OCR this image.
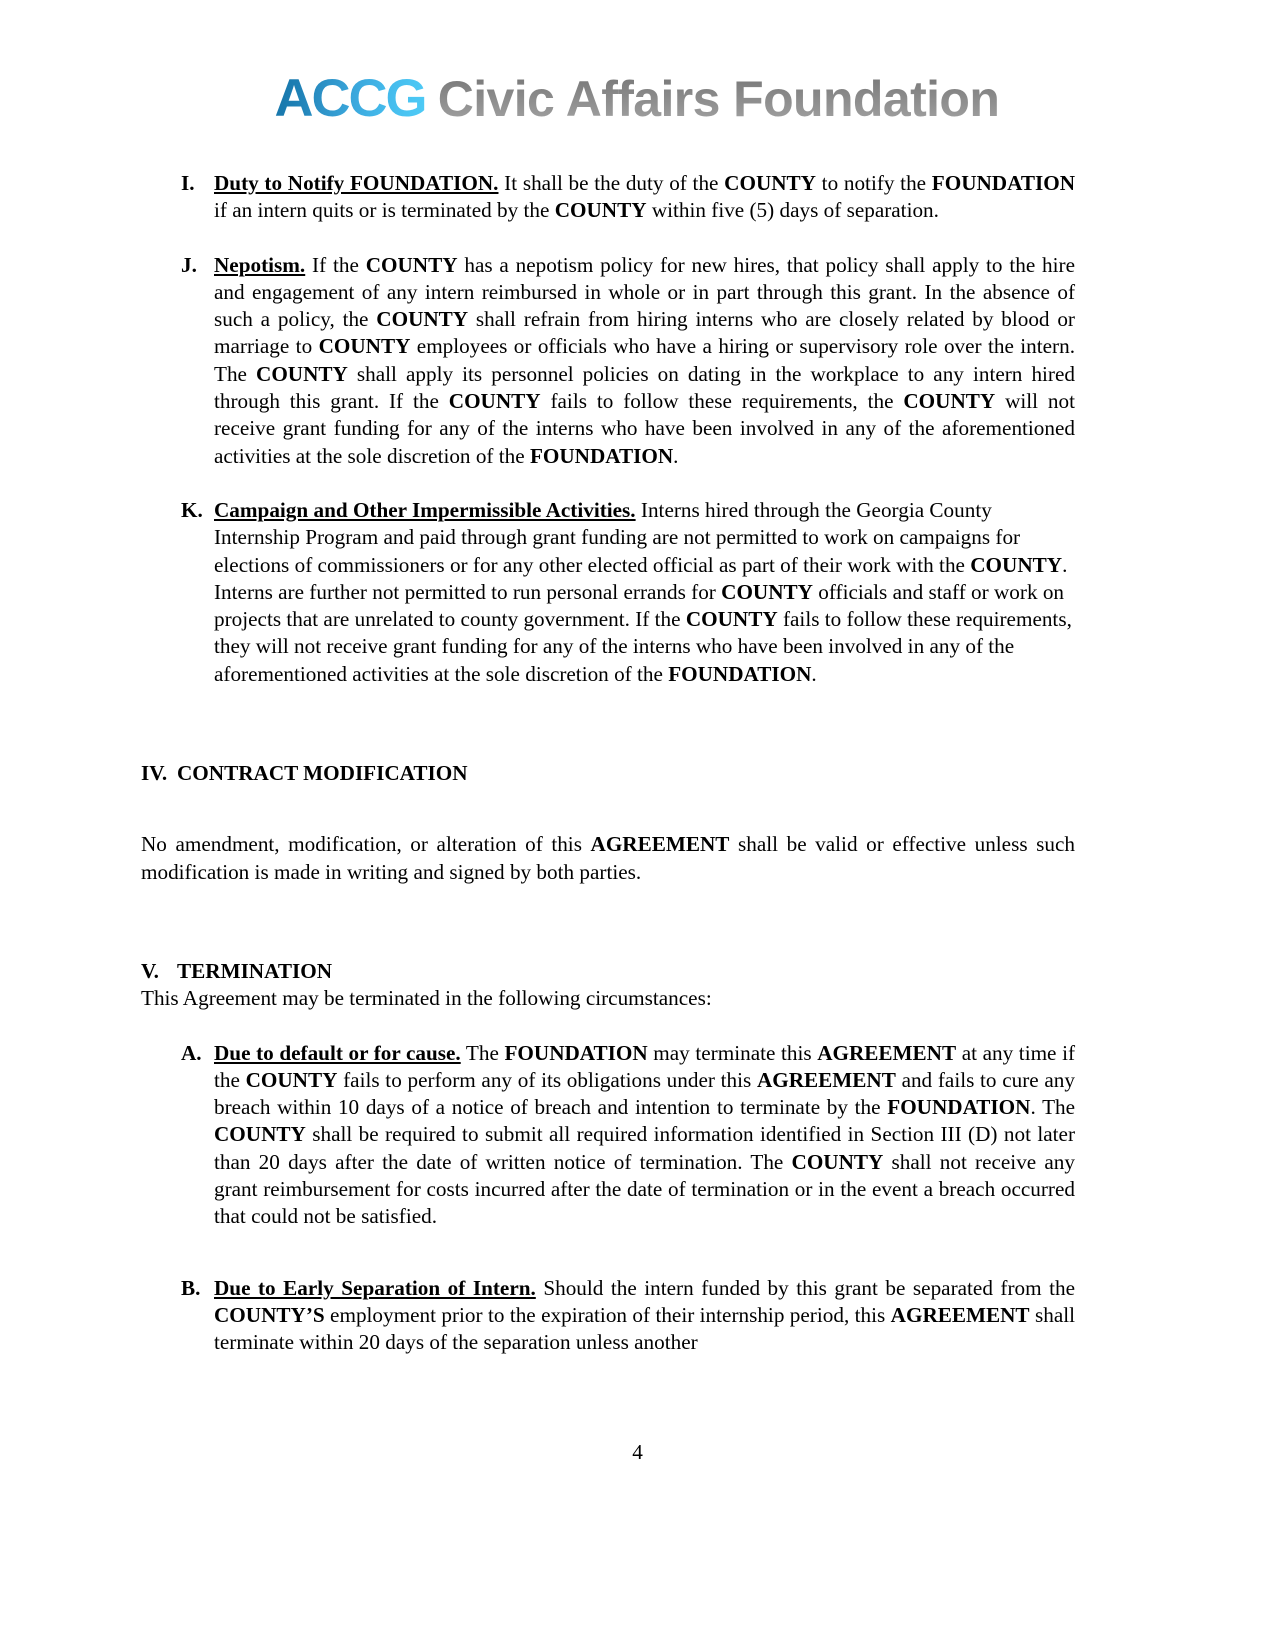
ACCG Civic Affairs Foundation
I. Duty to Notify FOUNDATION. It shall be the duty of the COUNTY to notify the FOUNDATION if an intern quits or is terminated by the COUNTY within five (5) days of separation.
J. Nepotism. If the COUNTY has a nepotism policy for new hires, that policy shall apply to the hire and engagement of any intern reimbursed in whole or in part through this grant. In the absence of such a policy, the COUNTY shall refrain from hiring interns who are closely related by blood or marriage to COUNTY employees or officials who have a hiring or supervisory role over the intern. The COUNTY shall apply its personnel policies on dating in the workplace to any intern hired through this grant. If the COUNTY fails to follow these requirements, the COUNTY will not receive grant funding for any of the interns who have been involved in any of the aforementioned activities at the sole discretion of the FOUNDATION.
K. Campaign and Other Impermissible Activities. Interns hired through the Georgia County Internship Program and paid through grant funding are not permitted to work on campaigns for elections of commissioners or for any other elected official as part of their work with the COUNTY. Interns are further not permitted to run personal errands for COUNTY officials and staff or work on projects that are unrelated to county government. If the COUNTY fails to follow these requirements, they will not receive grant funding for any of the interns who have been involved in any of the aforementioned activities at the sole discretion of the FOUNDATION.
IV. CONTRACT MODIFICATION
No amendment, modification, or alteration of this AGREEMENT shall be valid or effective unless such modification is made in writing and signed by both parties.
V. TERMINATION
This Agreement may be terminated in the following circumstances:
A. Due to default or for cause. The FOUNDATION may terminate this AGREEMENT at any time if the COUNTY fails to perform any of its obligations under this AGREEMENT and fails to cure any breach within 10 days of a notice of breach and intention to terminate by the FOUNDATION. The COUNTY shall be required to submit all required information identified in Section III (D) not later than 20 days after the date of written notice of termination. The COUNTY shall not receive any grant reimbursement for costs incurred after the date of termination or in the event a breach occurred that could not be satisfied.
B. Due to Early Separation of Intern. Should the intern funded by this grant be separated from the COUNTY’S employment prior to the expiration of their internship period, this AGREEMENT shall terminate within 20 days of the separation unless another
4
